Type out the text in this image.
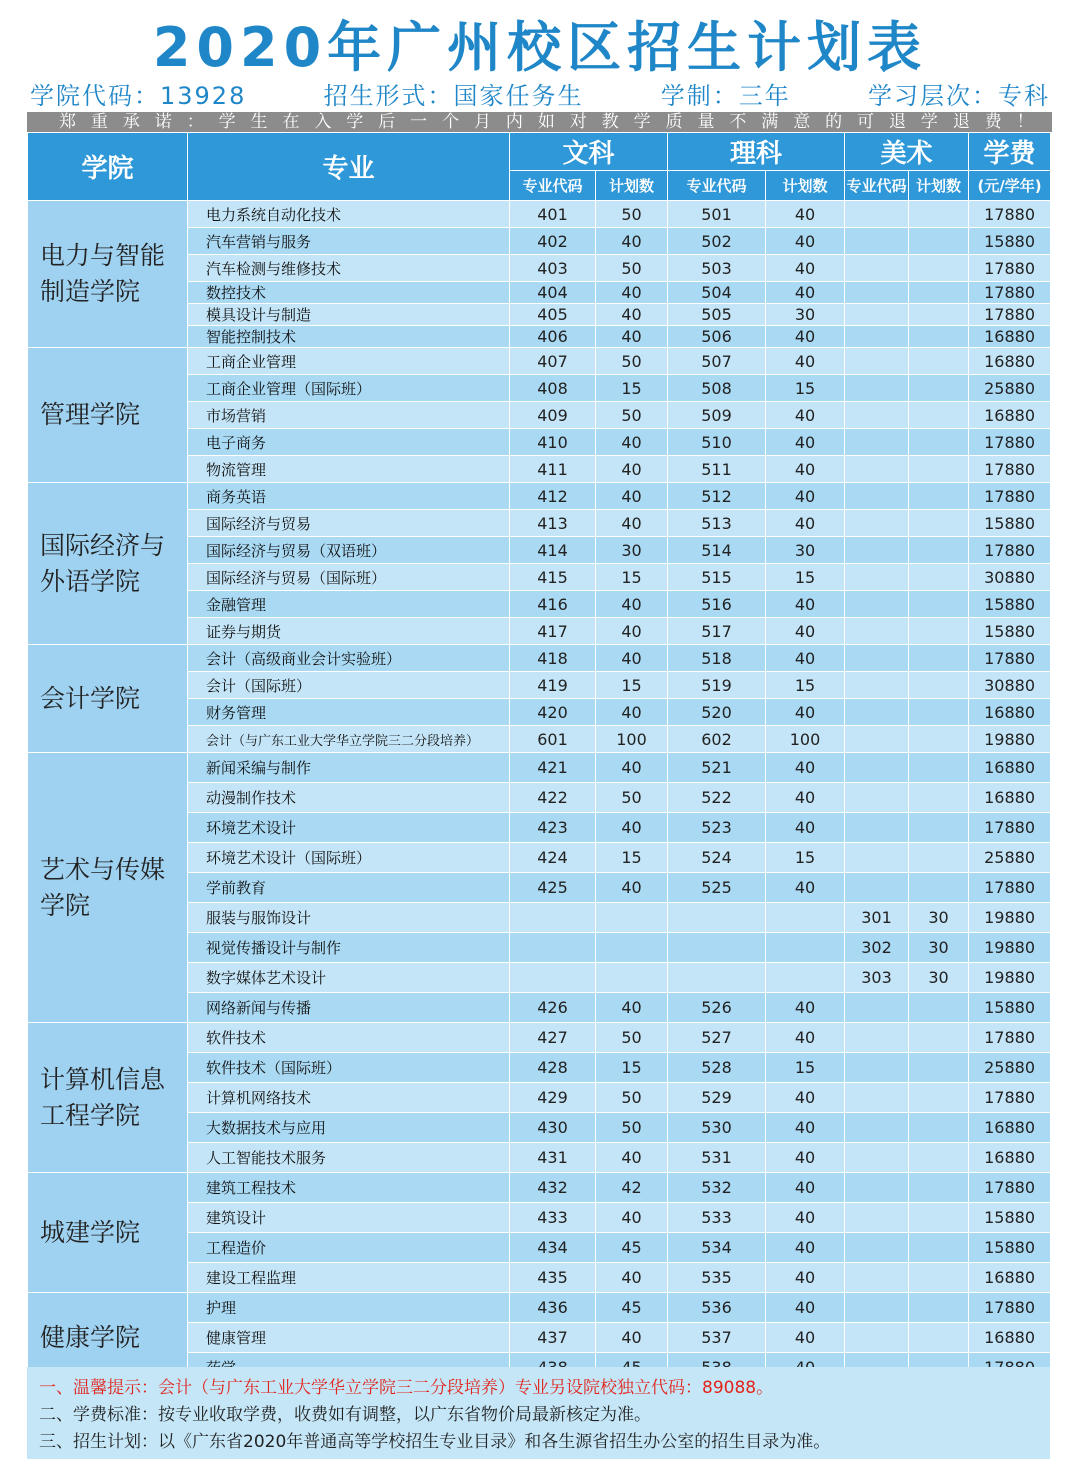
2020年广州校区招生计划表
学院代码：13928	招生形式：国家任务生	学制：三年	学习层次：专科
郑 重 承 诺 ： 学 生 在 入 学 后 一 个 月 内 如 对 教 学 质 量 不 满 意 的 可 退 学 退 费 ！
学院	专业	文科		理科		美术		学费
		专业代码	计划数	专业代码	计划数	专业代码	计划数	(元/学年)
电力与智能制造学院	电力系统自动化技术	401	50	501	40			17880
	汽车营销与服务	402	40	502	40			15880
	汽车检测与维修技术	403	50	503	40			17880
	数控技术	404	40	504	40			17880
	模具设计与制造	405	40	505	30			17880
	智能控制技术	406	40	506	40			16880
管理学院	工商企业管理	407	50	507	40			16880
	工商企业管理（国际班）	408	15	508	15			25880
	市场营销	409	50	509	40			16880
	电子商务	410	40	510	40			17880
	物流管理	411	40	511	40			17880
国际经济与外语学院	商务英语	412	40	512	40			17880
	国际经济与贸易	413	40	513	40			15880
	国际经济与贸易（双语班）	414	30	514	30			17880
	国际经济与贸易（国际班）	415	15	515	15			30880
	金融管理	416	40	516	40			15880
	证券与期货	417	40	517	40			15880
会计学院	会计（高级商业会计实验班）	418	40	518	40			17880
	会计（国际班）	419	15	519	15			30880
	财务管理	420	40	520	40			16880
	会计（与广东工业大学华立学院三二分段培养）	601	100	602	100			19880
艺术与传媒学院	新闻采编与制作	421	40	521	40			16880
	动漫制作技术	422	50	522	40			16880
	环境艺术设计	423	40	523	40			17880
	环境艺术设计（国际班）	424	15	524	15			25880
	学前教育	425	40	525	40			17880
	服装与服饰设计					301	30	19880
	视觉传播设计与制作					302	30	19880
	数字媒体艺术设计					303	30	19880
	网络新闻与传播	426	40	526	40			15880
计算机信息工程学院	软件技术	427	50	527	40			17880
	软件技术（国际班）	428	15	528	15			25880
	计算机网络技术	429	50	529	40			17880
	大数据技术与应用	430	50	530	40			16880
	人工智能技术服务	431	40	531	40			16880
城建学院	建筑工程技术	432	42	532	40			17880
	建筑设计	433	40	533	40			15880
	工程造价	434	45	534	40			15880
	建设工程监理	435	40	535	40			16880
健康学院	护理	436	45	536	40			17880
	健康管理	437	40	537	40			16880

一、温馨提示：会计（与广东工业大学华立学院三二分段培养）专业另设院校独立代码：89088。
二、学费标准：按专业收取学费，收费如有调整，以广东省物价局最新核定为准。
三、招生计划：以《广东省2020年普通高等学校招生专业目录》和各生源省招生办公室的招生目录为准。
